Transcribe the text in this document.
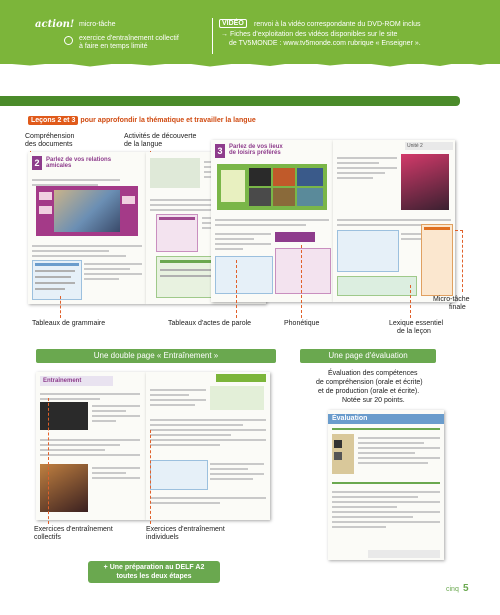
action! micro-tâche
exercice d'entraînement collectif
à faire en temps limité
VIDÉO	renvoi à la vidéo correspondante du DVD-ROM inclus
→ Fiches d'exploitation des vidéos disponibles sur le site
de TV5MONDE : www.tv5monde.com rubrique « Enseigner ».
Leçons 2 et 3 pour approfondir la thématique et travailler la langue
Compréhension
des documents
Activités de découverte
de la langue
2	Parlez de vos relations
amicales
3	Parlez de vos lieux
de loisirs préférés
Unité 2
Tableaux de grammaire	Tableaux d'actes de parole	Phonétique	Lexique essentiel
de la leçon
Micro-tâche
finale
Une double page « Entraînement »
Entraînement
Exercices d'entraînement
collectifs
Exercices d'entraînement
individuels
+ Une préparation au DELF A2
toutes les deux étapes
Une page d'évaluation
Évaluation des compétences
de compréhension (orale et écrite)
et de production (orale et écrite).
Notée sur 20 points.
Évaluation
cinq 5
